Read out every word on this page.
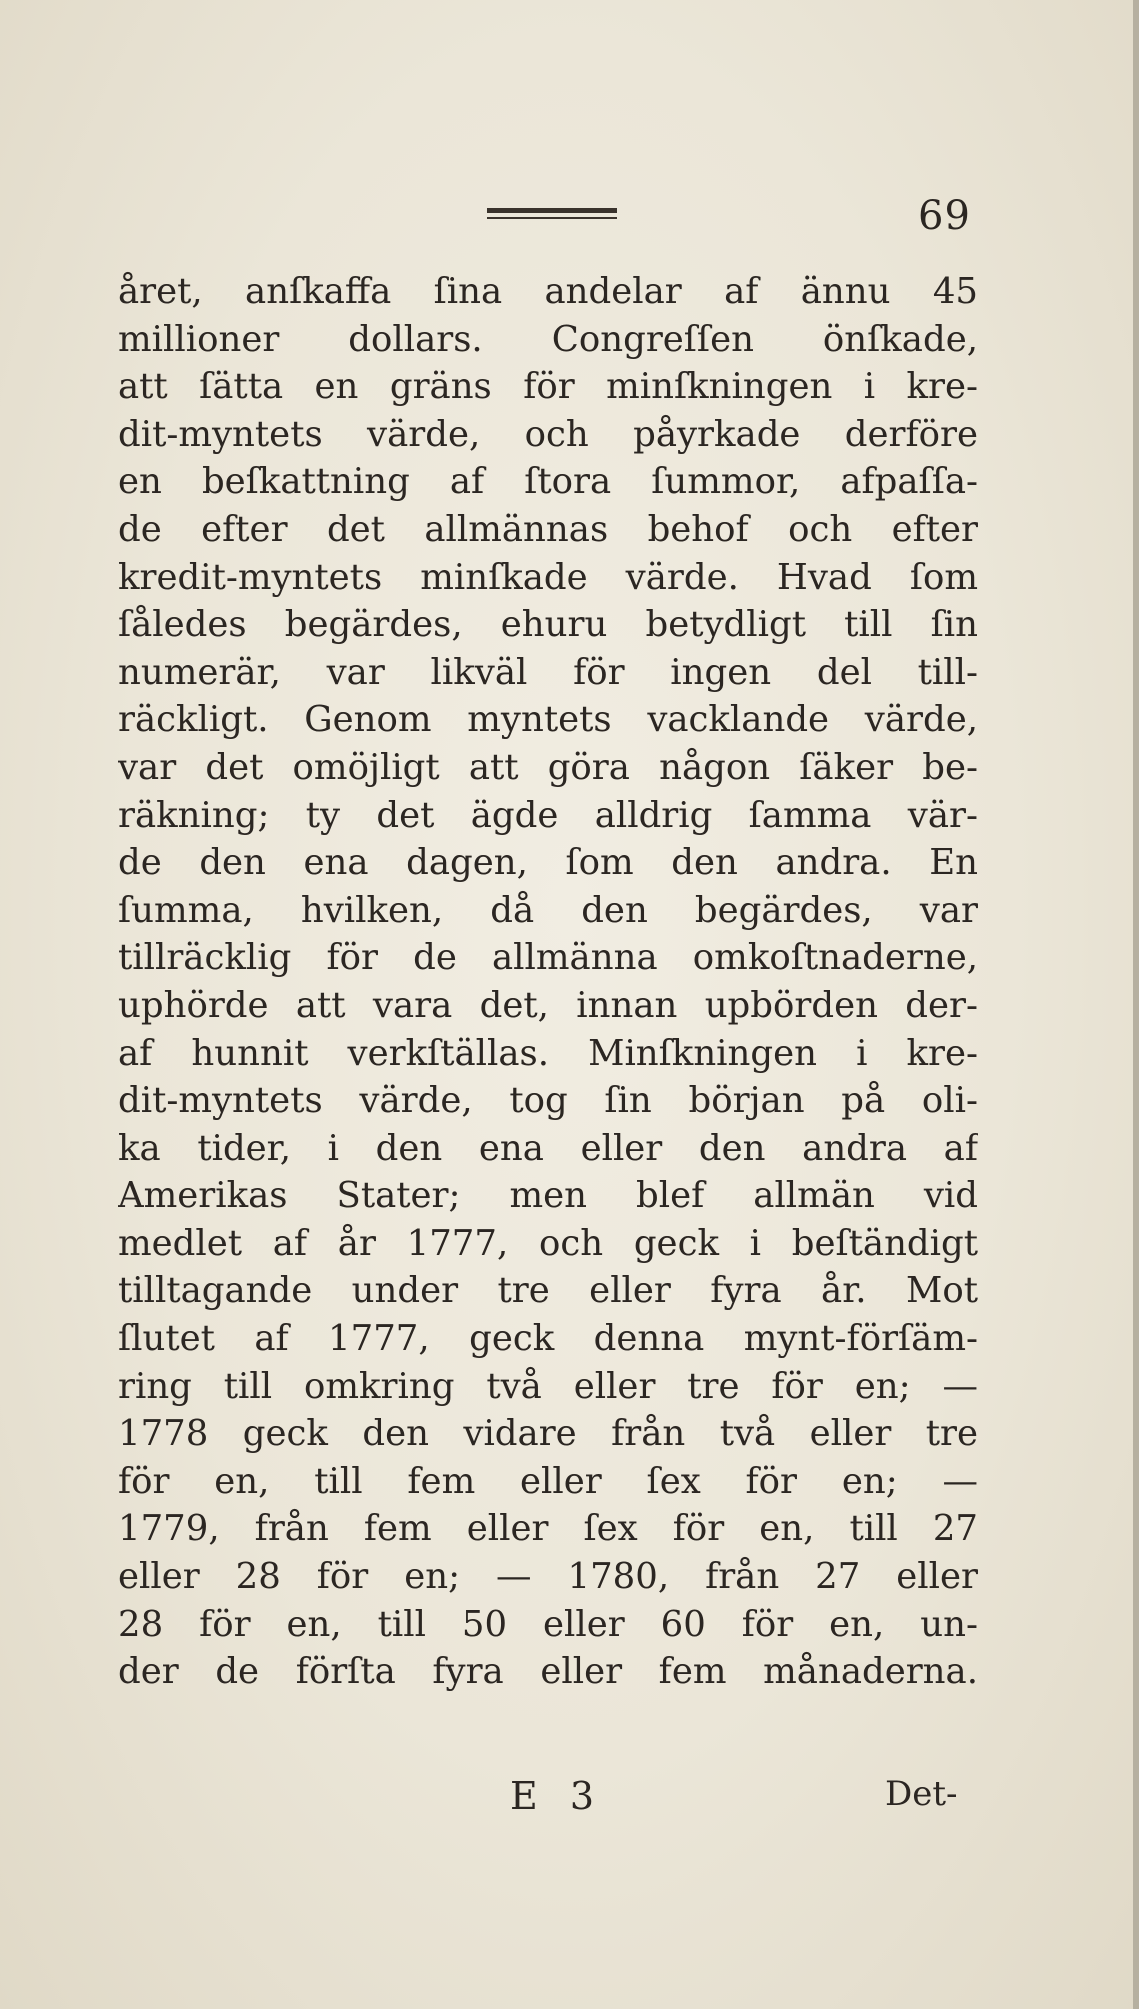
69
året, anſkaffa ſina andelar af ännu 45
millioner dollars. Congreſſen önſkade,
att ſätta en gräns för minſkningen i kre-
dit-myntets värde, och påyrkade derföre
en beſkattning af ſtora ſummor, afpaſſa-
de efter det allmännas behof och efter
kredit-myntets minſkade värde. Hvad ſom
ſåledes begärdes, ehuru betydligt till ſin
numerär, var likväl för ingen del till-
räckligt. Genom myntets vacklande värde,
var det omöjligt att göra någon ſäker be-
räkning; ty det ägde alldrig ſamma vär-
de den ena dagen, ſom den andra. En
ſumma, hvilken, då den begärdes, var
tillräcklig för de allmänna omkoſtnaderne,
uphörde att vara det, innan upbörden der-
af hunnit verkſtällas. Minſkningen i kre-
dit-myntets värde, tog ſin början på oli-
ka tider, i den ena eller den andra af
Amerikas Stater; men blef allmän vid
medlet af år 1777, och geck i beſtändigt
tilltagande under tre eller fyra år. Mot
ſlutet af 1777, geck denna mynt-förſäm-
ring till omkring två eller tre för en; —
1778 geck den vidare från två eller tre
för en, till fem eller ſex för en; —
1779, från fem eller ſex för en, till 27
eller 28 för en; — 1780, från 27 eller
28 för en, till 50 eller 60 för en, un-
der de förſta fyra eller fem månaderna.
E 3	Det-
